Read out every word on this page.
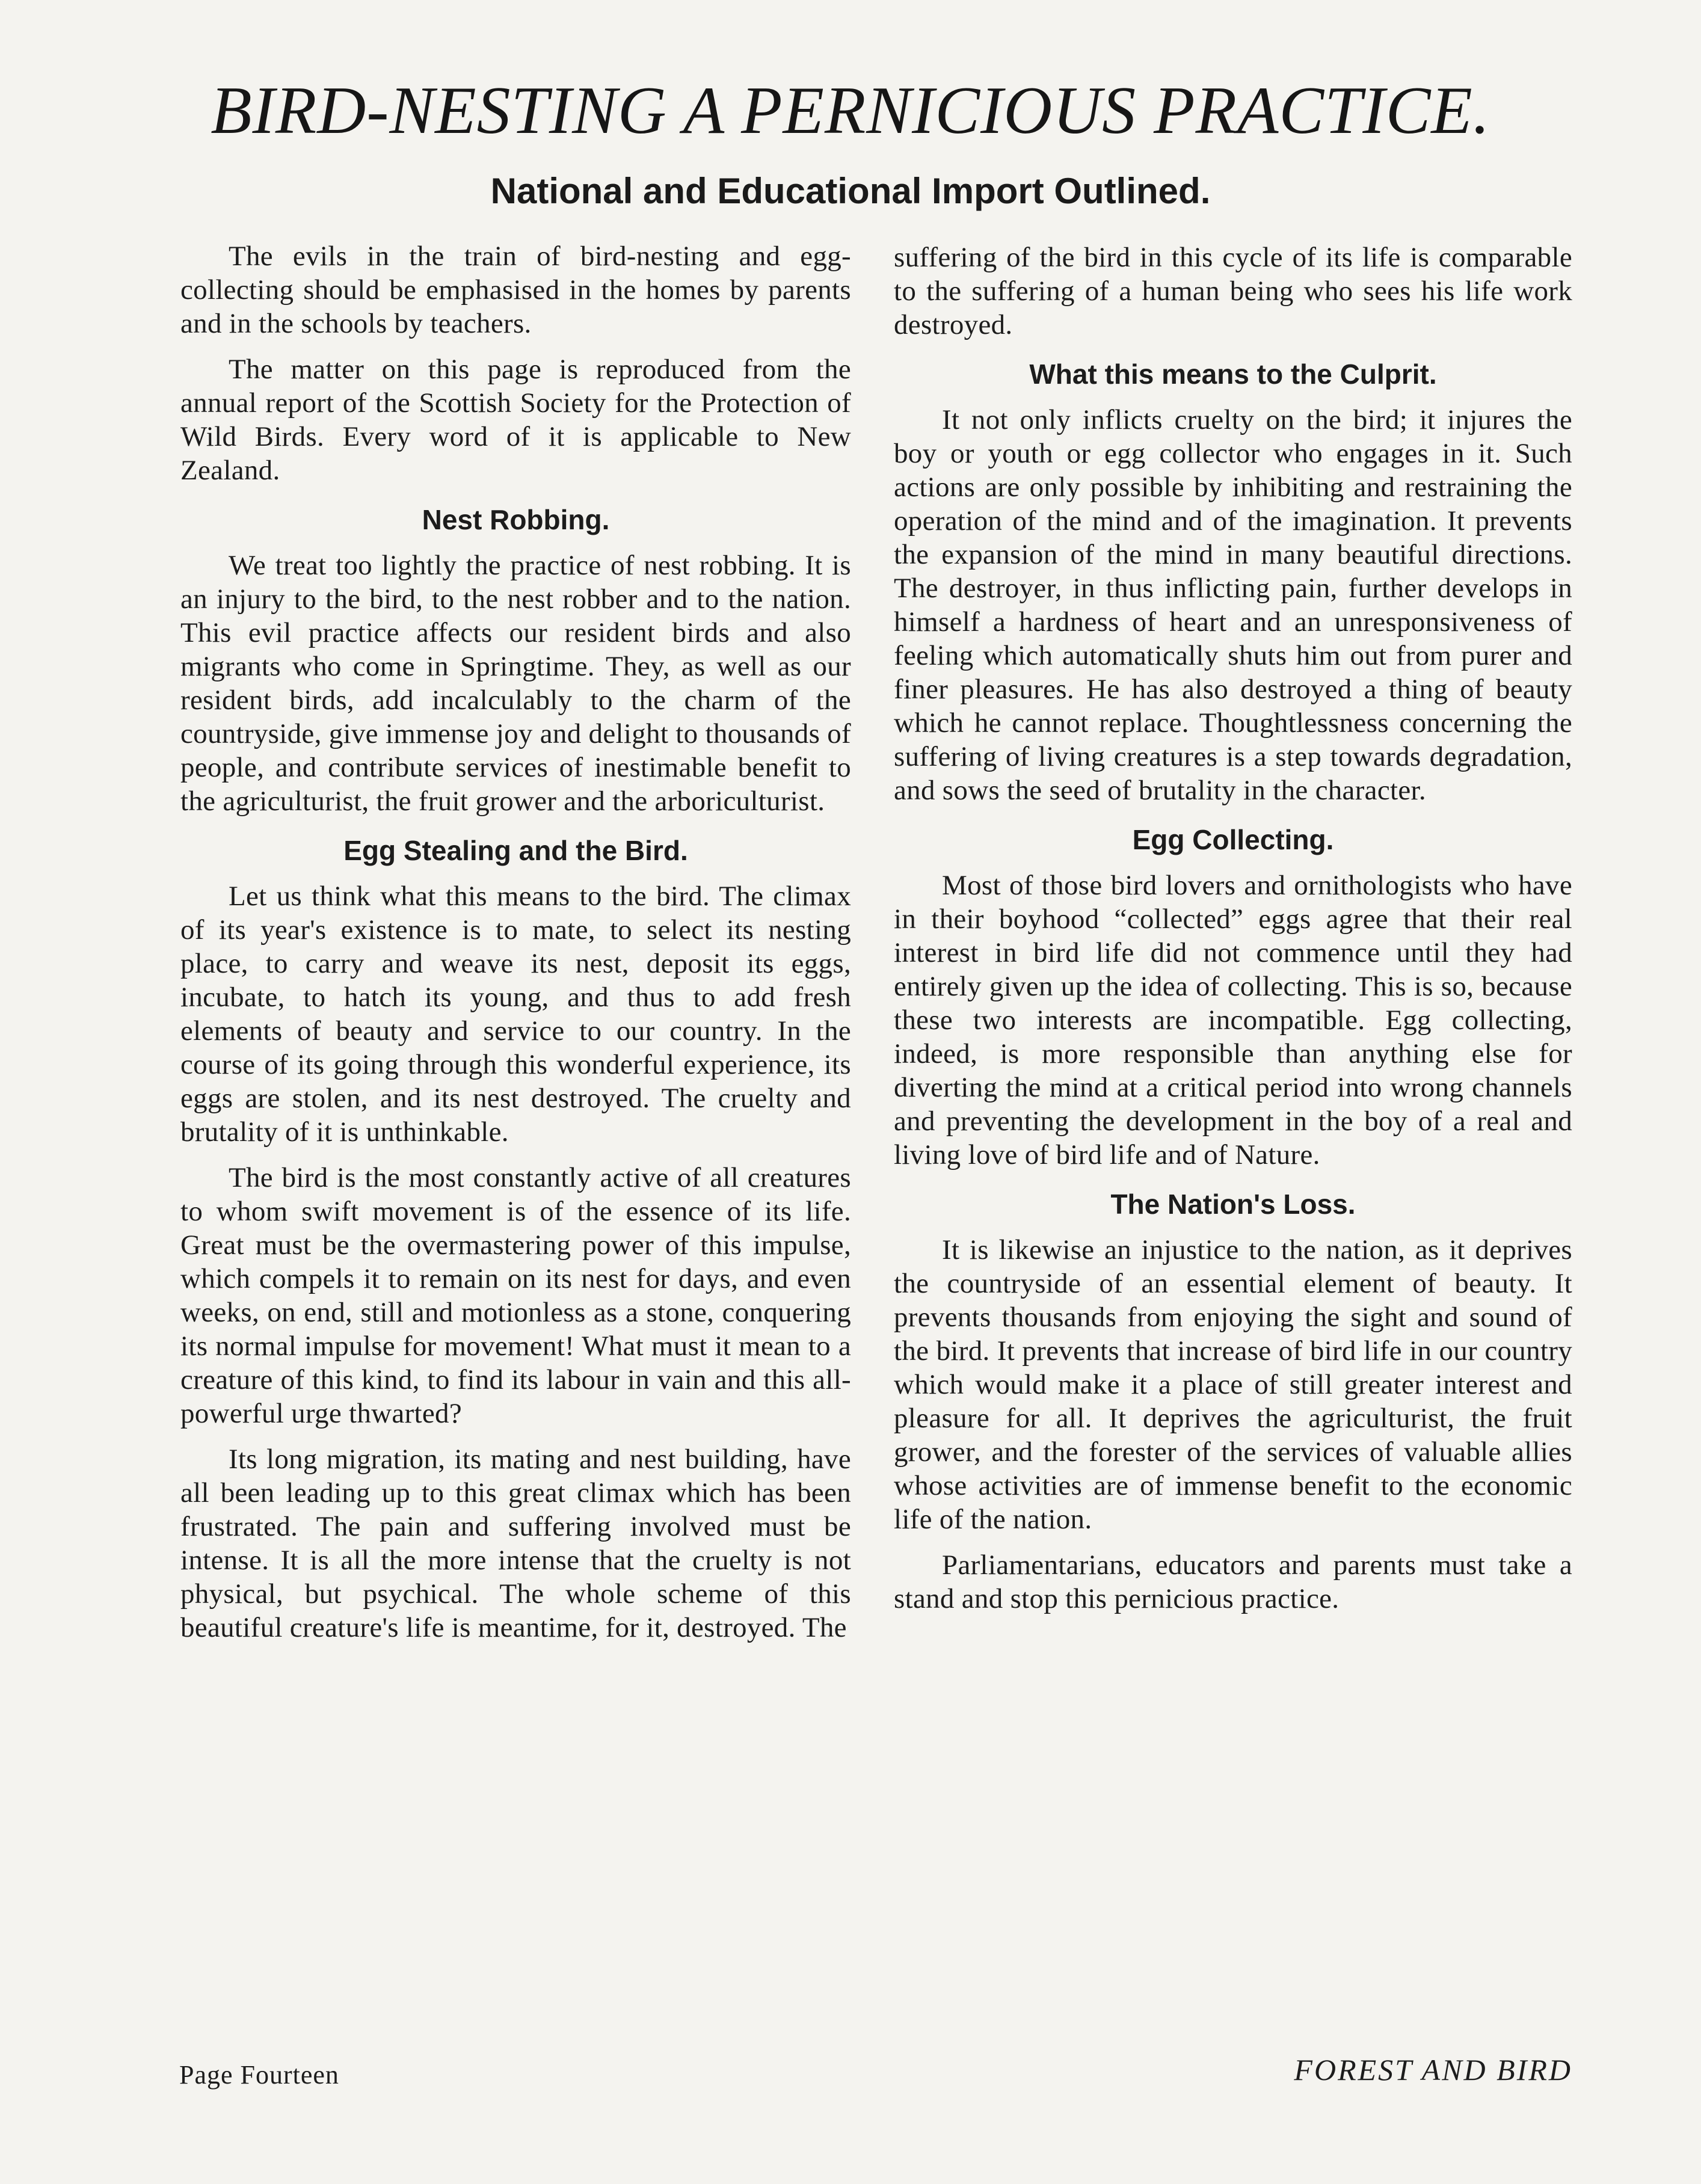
BIRD-NESTING A PERNICIOUS PRACTICE.
National and Educational Import Outlined.

The evils in the train of bird-nesting and egg-collecting should be emphasised in the homes by parents and in the schools by teachers.

The matter on this page is reproduced from the annual report of the Scottish Society for the Protection of Wild Birds. Every word of it is applicable to New Zealand.

Nest Robbing.

We treat too lightly the practice of nest robbing. It is an injury to the bird, to the nest robber and to the nation. This evil practice affects our resident birds and also migrants who come in Springtime. They, as well as our resident birds, add incalculably to the charm of the countryside, give immense joy and delight to thousands of people, and contribute services of inestimable benefit to the agriculturist, the fruit grower and the arboriculturist.

Egg Stealing and the Bird.

Let us think what this means to the bird. The climax of its year's existence is to mate, to select its nesting place, to carry and weave its nest, deposit its eggs, incubate, to hatch its young, and thus to add fresh elements of beauty and service to our country. In the course of its going through this wonderful experience, its eggs are stolen, and its nest destroyed. The cruelty and brutality of it is unthinkable.

The bird is the most constantly active of all creatures to whom swift movement is of the essence of its life. Great must be the overmastering power of this impulse, which compels it to remain on its nest for days, and even weeks, on end, still and motionless as a stone, conquering its normal impulse for movement! What must it mean to a creature of this kind, to find its labour in vain and this all-powerful urge thwarted?

Its long migration, its mating and nest building, have all been leading up to this great climax which has been frustrated. The pain and suffering involved must be intense. It is all the more intense that the cruelty is not physical, but psychical. The whole scheme of this beautiful creature's life is meantime, for it, destroyed. The

suffering of the bird in this cycle of its life is comparable to the suffering of a human being who sees his life work destroyed.

What this means to the Culprit.

It not only inflicts cruelty on the bird; it injures the boy or youth or egg collector who engages in it. Such actions are only possible by inhibiting and restraining the operation of the mind and of the imagination. It prevents the expansion of the mind in many beautiful directions. The destroyer, in thus inflicting pain, further develops in himself a hardness of heart and an unresponsiveness of feeling which automatically shuts him out from purer and finer pleasures. He has also destroyed a thing of beauty which he cannot replace. Thoughtlessness concerning the suffering of living creatures is a step towards degradation, and sows the seed of brutality in the character.

Egg Collecting.

Most of those bird lovers and ornithologists who have in their boyhood “collected” eggs agree that their real interest in bird life did not commence until they had entirely given up the idea of collecting. This is so, because these two interests are incompatible. Egg collecting, indeed, is more responsible than anything else for diverting the mind at a critical period into wrong channels and preventing the development in the boy of a real and living love of bird life and of Nature.

The Nation's Loss.

It is likewise an injustice to the nation, as it deprives the countryside of an essential element of beauty. It prevents thousands from enjoying the sight and sound of the bird. It prevents that increase of bird life in our country which would make it a place of still greater interest and pleasure for all. It deprives the agriculturist, the fruit grower, and the forester of the services of valuable allies whose activities are of immense benefit to the economic life of the nation.

Parliamentarians, educators and parents must take a stand and stop this pernicious practice.

Page Fourteen	FOREST AND BIRD
